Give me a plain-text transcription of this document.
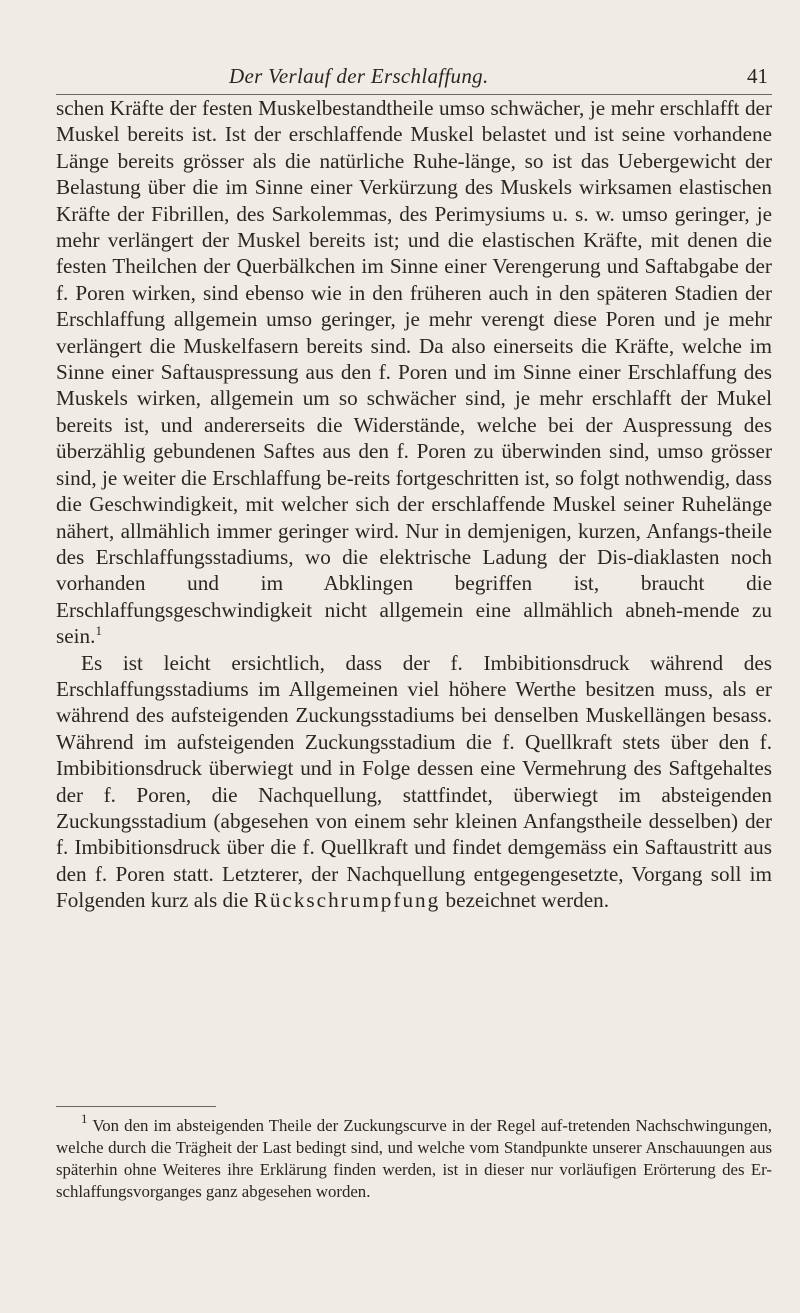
Der Verlauf der Erschlaffung.	41

schen Kräfte der festen Muskelbestandtheile umso schwächer, je mehr erschlafft der Muskel bereits ist. Ist der erschlaffende Muskel belastet und ist seine vorhandene Länge bereits grösser als die natürliche Ruhe-länge, so ist das Uebergewicht der Belastung über die im Sinne einer Verkürzung des Muskels wirksamen elastischen Kräfte der Fibrillen, des Sarkolemmas, des Perimysiums u. s. w. umso geringer, je mehr verlängert der Muskel bereits ist; und die elastischen Kräfte, mit denen die festen Theilchen der Querbälkchen im Sinne einer Verengerung und Saftabgabe der f. Poren wirken, sind ebenso wie in den früheren auch in den späteren Stadien der Erschlaffung allgemein umso geringer, je mehr verengt diese Poren und je mehr verlängert die Muskelfasern bereits sind. Da also einerseits die Kräfte, welche im Sinne einer Saftauspressung aus den f. Poren und im Sinne einer Erschlaffung des Muskels wirken, allgemein um so schwächer sind, je mehr erschlafft der Mukel bereits ist, und andererseits die Widerstände, welche bei der Auspressung des überzählig gebundenen Saftes aus den f. Poren zu überwinden sind, umso grösser sind, je weiter die Erschlaffung be-reits fortgeschritten ist, so folgt nothwendig, dass die Geschwindigkeit, mit welcher sich der erschlaffende Muskel seiner Ruhelänge nähert, allmählich immer geringer wird. Nur in demjenigen, kurzen, Anfangs-theile des Erschlaffungsstadiums, wo die elektrische Ladung der Dis-diaklasten noch vorhanden und im Abklingen begriffen ist, braucht die Erschlaffungsgeschwindigkeit nicht allgemein eine allmählich abneh-mende zu sein.$^1$

Es ist leicht ersichtlich, dass der f. Imbibitionsdruck während des Erschlaffungsstadiums im Allgemeinen viel höhere Werthe besitzen muss, als er während des aufsteigenden Zuckungsstadiums bei denselben Muskellängen besass. Während im aufsteigenden Zuckungsstadium die f. Quellkraft stets über den f. Imbibitionsdruck überwiegt und in Folge dessen eine Vermehrung des Saftgehaltes der f. Poren, die Nachquellung, stattfindet, überwiegt im absteigenden Zuckungsstadium (abgesehen von einem sehr kleinen Anfangstheile desselben) der f. Imbibitionsdruck über die f. Quellkraft und findet demgemäss ein Saftaustritt aus den f. Poren statt. Letzterer, der Nachquellung entgegengesetzte, Vorgang soll im Folgenden kurz als die Rückschrumpfung bezeichnet werden.

$^1$ Von den im absteigenden Theile der Zuckungscurve in der Regel auf-tretenden Nachschwingungen, welche durch die Trägheit der Last bedingt sind, und welche vom Standpunkte unserer Anschauungen aus späterhin ohne Weiteres ihre Erklärung finden werden, ist in dieser nur vorläufigen Erörterung des Er-schlaffungsvorganges ganz abgesehen worden.
